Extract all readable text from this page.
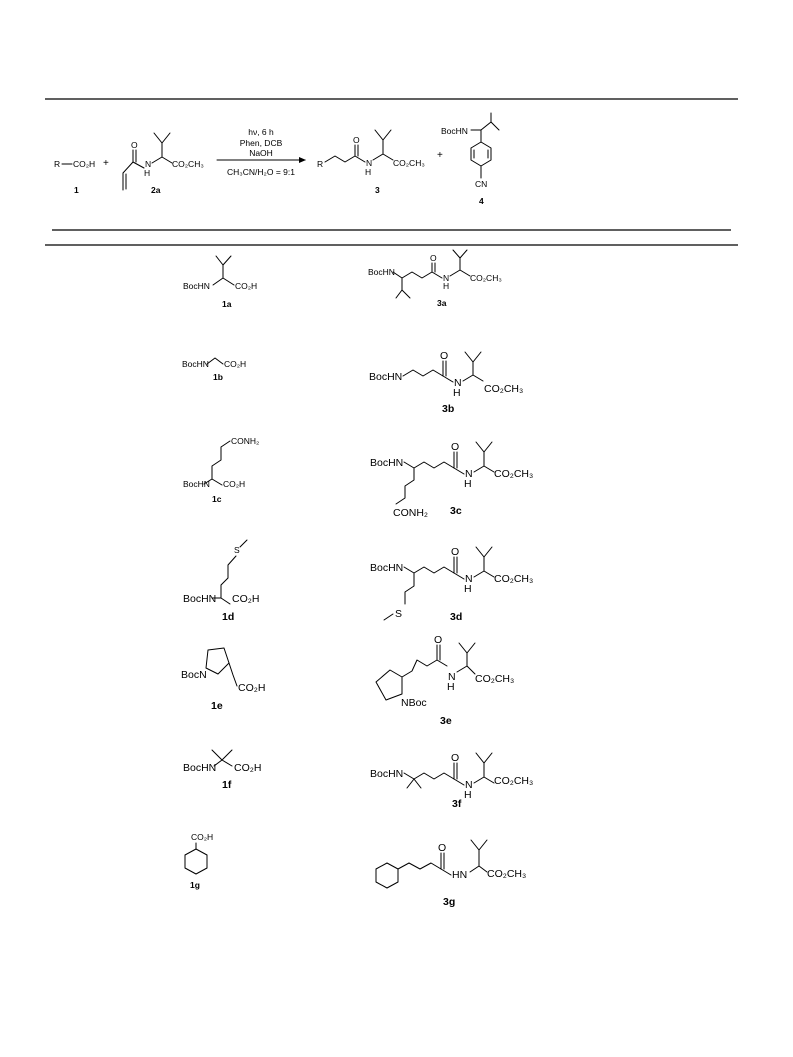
R CO₂H
1
+
O
N
H
CO₂CH₃
2a
hν, 6 h
Phen, DCB
NaOH
CH₃CN/H₂O = 9:1
R
O
N
H
CO₂CH₃
3
+
BocHN
CN
4
BocHN	CO₂H
1a
BocHN
O
N
H
CO₂CH₃
3a
BocHN CO₂H
1b	BocHN
O
N
H CO₂CH₃
3b
CONH₂
BocHN CO₂H
1c
BocHN
O
N
H
CO₂CH₃
CONH₂ 3c
S
BocHN CO₂H
1d
BocHN
O
N
H
CO₂CH₃
S	3d
BocN
CO₂H
1e	NBoc
O
N
H
CO₂CH₃
3e
BocHN CO₂H
1f
BocHN
O
N
H
CO₂CH₃
3f
CO₂H
1g
O
HN CO₂CH₃
3g
